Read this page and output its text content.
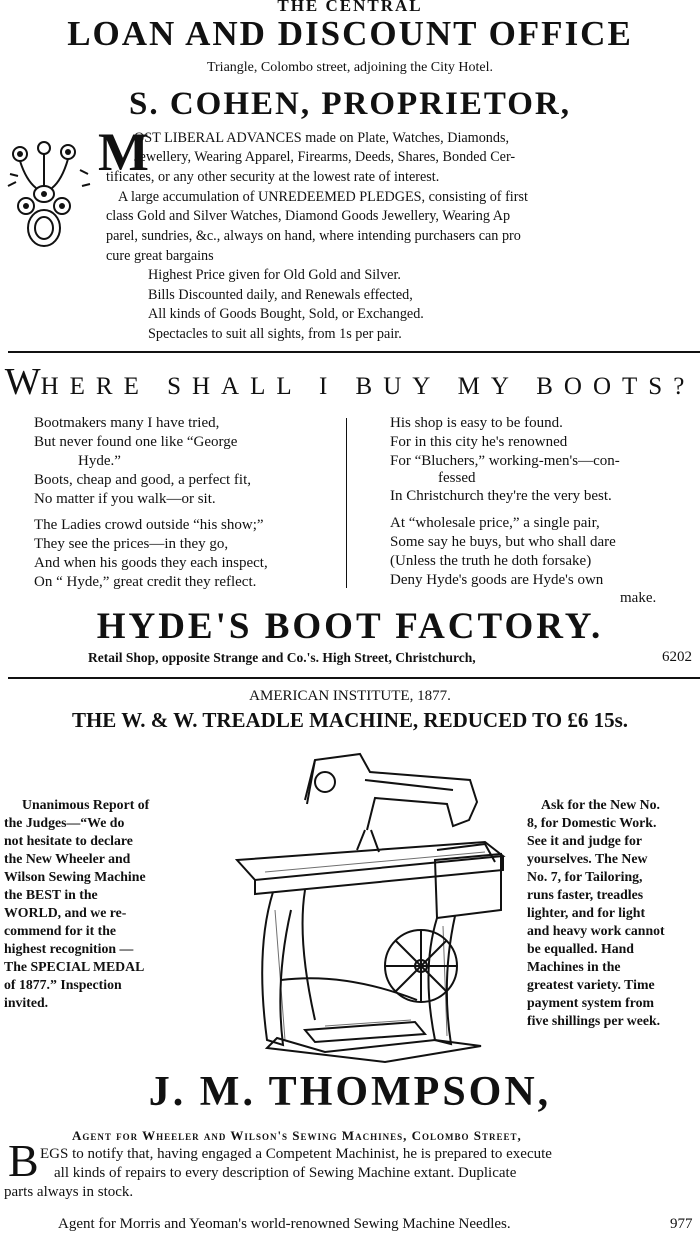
THE CENTRAL
LOAN AND DISCOUNT OFFICE
Triangle, Colombo street, adjoining the City Hotel.
S. COHEN, PROPRIETOR,
M
OST LIBERAL ADVANCES made on Plate, Watches, Diamonds,
Jewellery, Wearing Apparel, Firearms, Deeds, Shares, Bonded Cer-
tificates, or any other security at the lowest rate of interest.
A large accumulation of UNREDEEMED PLEDGES, consisting of first
class Gold and Silver Watches, Diamond Goods Jewellery, Wearing Ap
parel, sundries, &c., always on hand, where intending purchasers can pro
cure great bargains
Highest Price given for Old Gold and Silver.
Bills Discounted daily, and Renewals effected,
All kinds of Goods Bought, Sold, or Exchanged.
Spectacles to suit all sights, from 1s per pair.
WHERE SHALL I BUY MY BOOTS?
Bootmakers many I have tried,
But never found one like “George
Hyde.”
Boots, cheap and good, a perfect fit,
No matter if you walk—or sit.
The Ladies crowd outside “his show;”
They see the prices—in they go,
And when his goods they each inspect,
On “ Hyde,” great credit they reflect.
His shop is easy to be found.
For in this city he's renowned
For “Bluchers,” working-men's—con-
fessed
In Christchurch they're the very best.
At “wholesale price,” a single pair,
Some say he buys, but who shall dare
(Unless the truth he doth forsake)
Deny Hyde's goods are Hyde's own
make.
HYDE'S BOOT FACTORY.
Retail Shop, opposite Strange and Co.'s. High Street, Christchurch,	6202
AMERICAN INSTITUTE, 1877.
THE W. & W. TREADLE MACHINE, REDUCED TO £6 15s.
Unanimous Report of
the Judges—“We do
not hesitate to declare
the New Wheeler and
Wilson Sewing Machine
the BEST in the
WORLD, and we re-
commend for it the
highest recognition —
The SPECIAL MEDAL
of 1877.” Inspection
invited.
Ask for the New No.
8, for Domestic Work.
See it and judge for
yourselves. The New
No. 7, for Tailoring,
runs faster, treadles
lighter, and for light
and heavy work cannot
be equalled. Hand
Machines in the
greatest variety. Time
payment system from
five shillings per week.
J. M. THOMPSON,
Agent for Wheeler and Wilson's Sewing Machines, Colombo Street,
B EGS to notify that, having engaged a Competent Machinist, he is prepared to execute
all kinds of repairs to every description of Sewing Machine extant. Duplicate
parts always in stock.
Agent for Morris and Yeoman's world-renowned Sewing Machine Needles.	977
